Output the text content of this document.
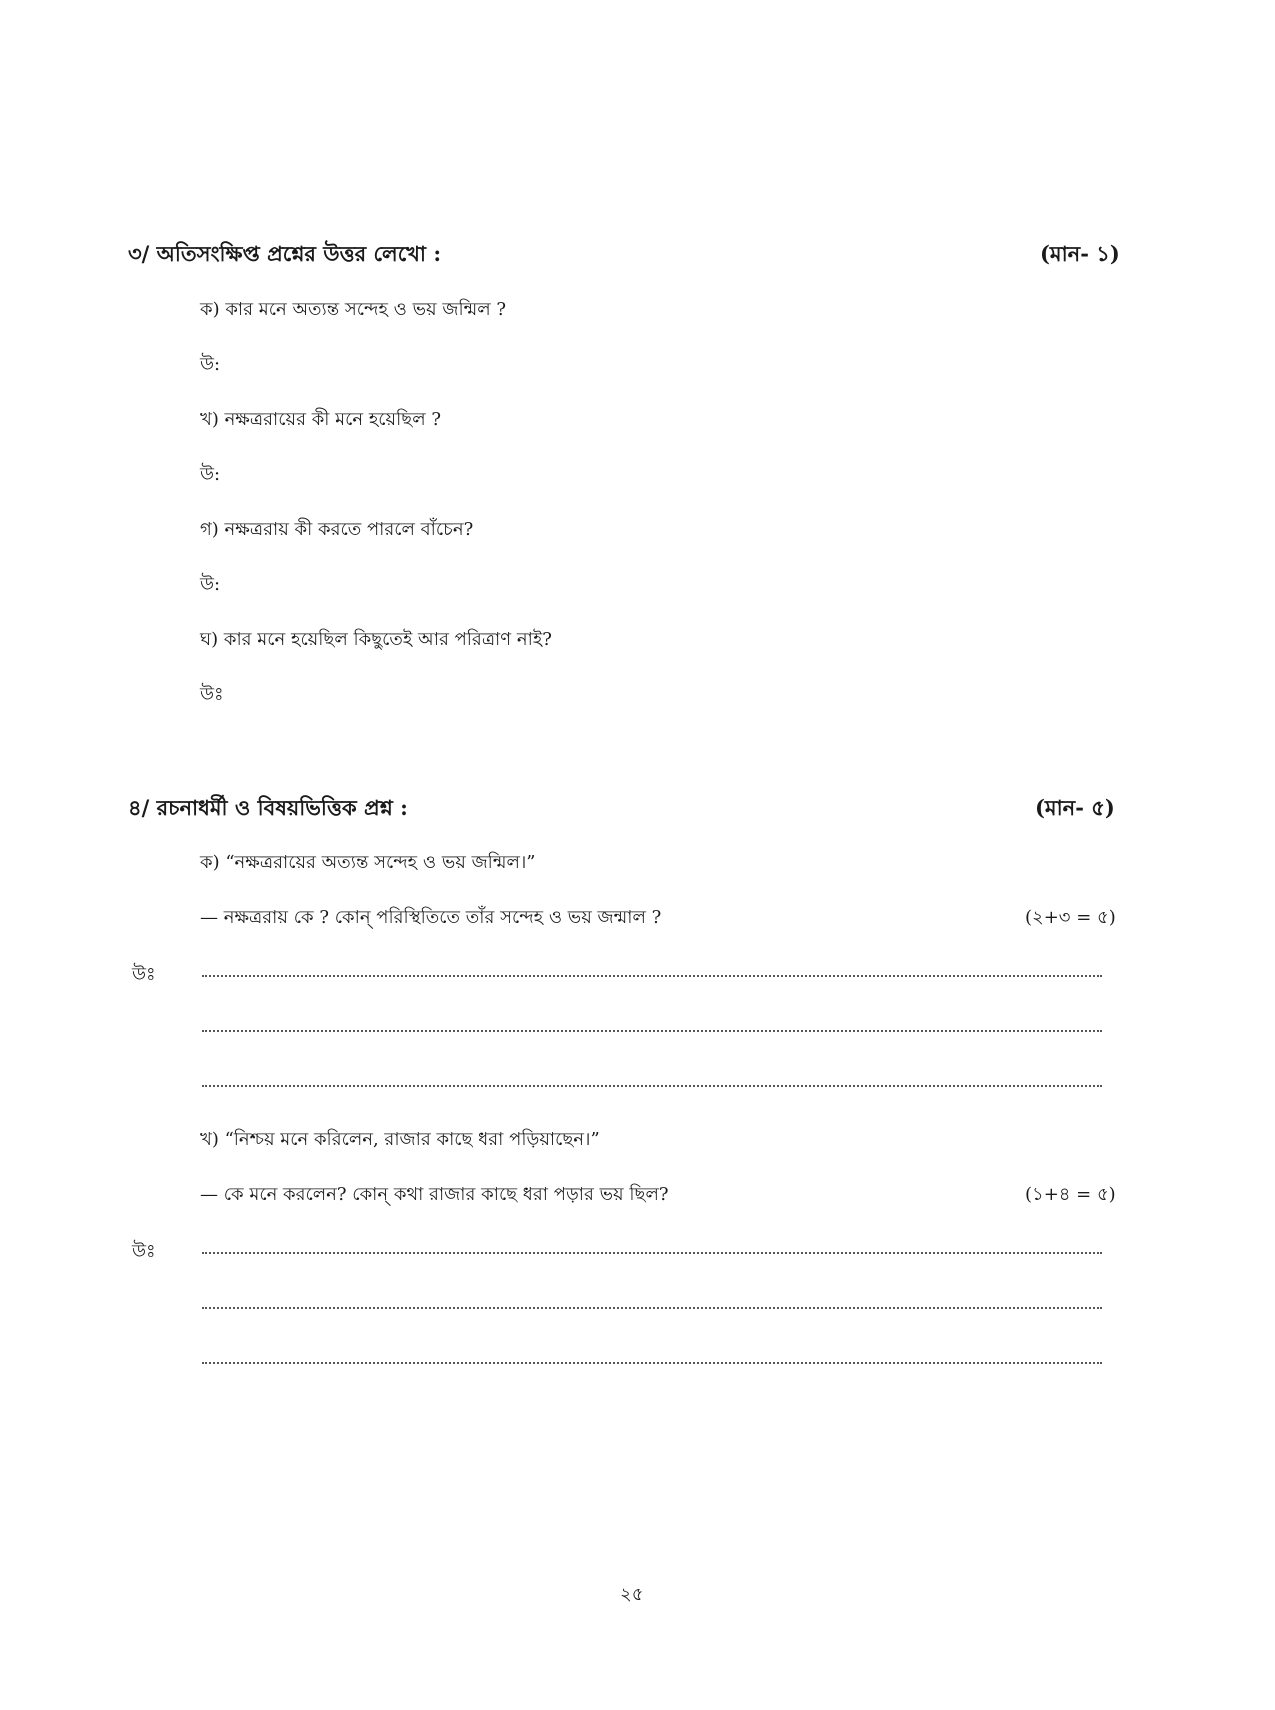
৩/ অতিসংক্ষিপ্ত প্রশ্নের উত্তর লেখো :	(মান- ১)
ক) কার মনে অত্যন্ত সন্দেহ ও ভয় জন্মিল ?
উ:
খ) নক্ষত্ররায়ের কী মনে হয়েছিল ?
উ:
গ) নক্ষত্ররায় কী করতে পারলে বাঁচেন?
উ:
ঘ) কার মনে হয়েছিল কিছুতেই আর পরিত্রাণ নাই?
উঃ
৪/ রচনাধর্মী ও বিষয়ভিত্তিক প্রশ্ন :	(মান- ৫)
ক) “নক্ষত্ররায়ের অত্যন্ত সন্দেহ ও ভয় জন্মিল।”
— নক্ষত্ররায় কে ? কোন্ পরিস্থিতিতে তাঁর সন্দেহ ও ভয় জন্মাল ?	(২+৩ = ৫)
উঃ
খ) “নিশ্চয় মনে করিলেন, রাজার কাছে ধরা পড়িয়াছেন।”
— কে মনে করলেন? কোন্ কথা রাজার কাছে ধরা পড়ার ভয় ছিল?	(১+৪ = ৫)
উঃ
২৫
